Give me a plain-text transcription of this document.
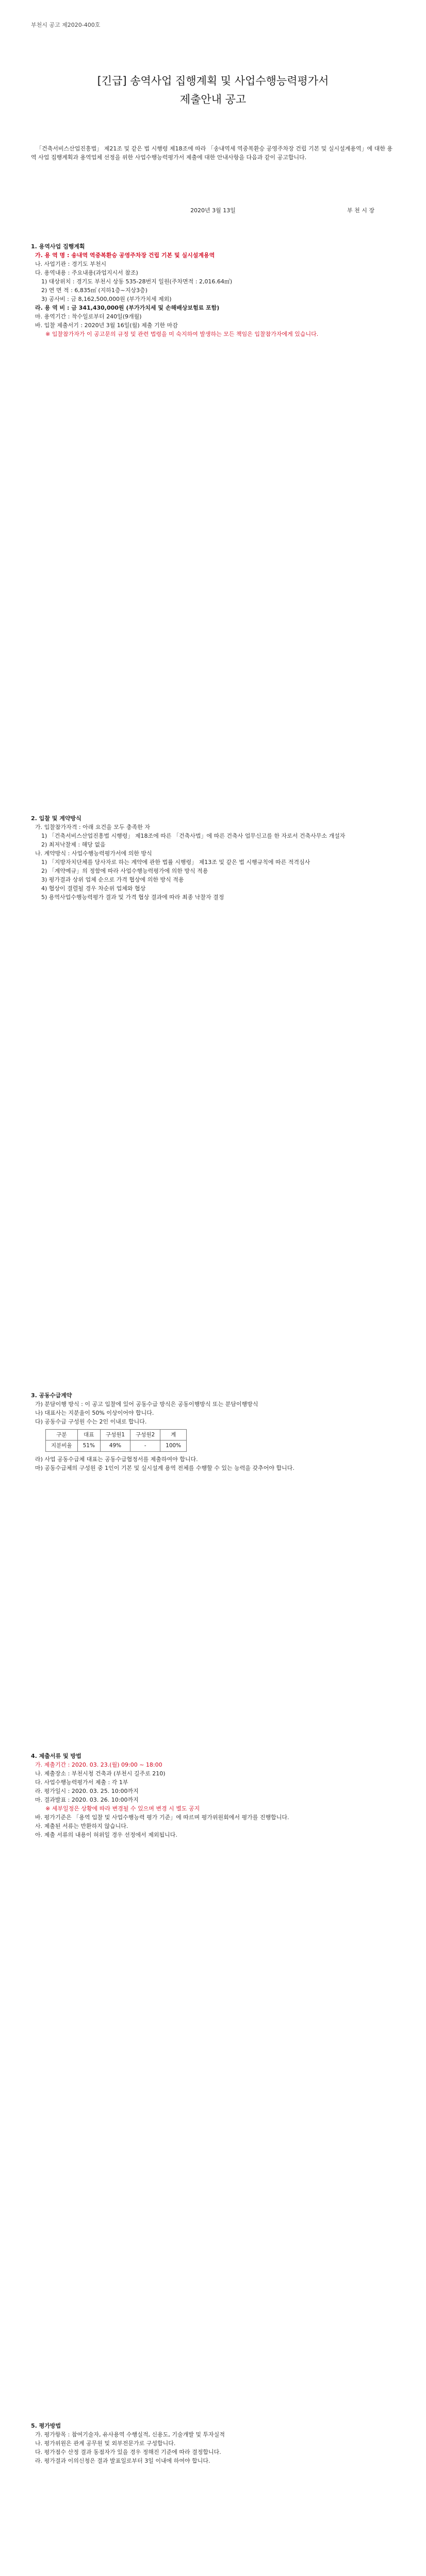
부천시 공고 제2020-400호
[긴급] 송역사업 집행계획 및 사업수행능력평가서
제출안내 공고

「건축서비스산업진흥법」 제21조 및 같은 법 시행령 제18조에 따라 「송내역세 역중복환승 공영주차장 건립 기본 및 실시설계용역」에 대한 용역 사업 집행계획과 용역업체 선정을 위한 사업수행능력평가서 제출에 대한 안내사항을 다음과 같이 공고합니다.

2020년 3월 13일	부 천 시 장

1. 용역사업 집행계획

가. 용 역 명 : 송내역 역중복환승 공영주차장 건립 기본 및 실시설계용역

나. 사업기관 : 경기도 부천시

다. 용역내용 : 주요내용(과업지시서 참조)

1) 대상위치 : 경기도 부천시 상동 535-28번지 일원(주차면적 : 2,016.64㎡)

2) 연 면 적 : 6,835㎡ (지하1층~지상3층)

3) 공사비 : 금 8,162,500,000원 (부가가치세 제외)

라. 용 역 비 : 금 341,430,000원 (부가가치세 및 손해배상보험료 포함)

마. 용역기간 : 착수일로부터 240일(9개월)

바. 입찰 제출서기 : 2020년 3월 16일(월) 제출 기한 마감

※ 입찰참가자가 이 공고문의 규정 및 관련 법령을 미 숙지하여 발생하는 모든 책임은 입찰참가자에게 있습니다.

2. 입찰 및 계약방식

가. 입찰참가자격 : 아래 요건을 모두 충족한 자

1) 「건축서비스산업진흥법 시행령」 제18조에 따른 「건축사법」에 따른 건축사 업무신고를 한 자로서 건축사무소 개설자

2) 최저낙찰제 : 해당 없음

나. 계약방식 : 사업수행능력평가서에 의한 방식

1) 「지방자치단체를 당사자로 하는 계약에 관한 법률 시행령」 제13조 및 같은 법 시행규칙에 따른 적격심사

2) 「계약예규」의 정함에 따라 사업수행능력평가에 의한 방식 적용

3) 평가결과 상위 업체 순으로 가격 협상에 의한 방식 적용

4) 협상이 결렬될 경우 차순위 업체와 협상

5) 용역사업수행능력평가 결과 및 가격 협상 결과에 따라 최종 낙찰자 결정

3. 공동수급계약

가) 분담이행 방식 : 이 공고 입찰에 있어 공동수급 방식은 공동이행방식 또는 분담이행방식

나) 대표사는 지분율이 50% 이상이어야 합니다.

다) 공동수급 구성원 수는 2인 이내로 합니다.

구분	대표	구성원1	구성원2	계
지분비율	51%	49%	-	100%

라) 사업 공동수급체 대표는 공동수급협정서를 제출하여야 합니다.

마) 공동수급체의 구성원 중 1인이 기본 및 실시설계 용역 전체를 수행할 수 있는 능력을 갖추어야 합니다.

4. 제출서류 및 방법

가. 제출기간 : 2020. 03. 23.(월) 09:00 ~ 18:00

나. 제출장소 : 부천시청 건축과 (부천시 길주로 210)

다. 사업수행능력평가서 제출 : 각 1부

라. 평가일시 : 2020. 03. 25. 10:00까지

마. 결과발표 : 2020. 03. 26. 10:00까지

※ 세부일정은 상황에 따라 변경될 수 있으며 변경 시 별도 공지

바. 평가기준은 「용역 입찰 및 사업수행능력 평가 기준」에 따르며 평가위원회에서 평가를 진행합니다.

사. 제출된 서류는 반환하지 않습니다.

아. 제출 서류의 내용이 허위일 경우 선정에서 제외됩니다.

5. 평가방법

가. 평가항목 : 참여기술자, 유사용역 수행실적, 신용도, 기술개발 및 투자실적

나. 평가위원은 관계 공무원 및 외부전문가로 구성합니다.

다. 평가점수 산정 결과 동점자가 있을 경우 정해진 기준에 따라 결정합니다.

라. 평가결과 이의신청은 결과 발표일로부터 3일 이내에 하여야 합니다.
